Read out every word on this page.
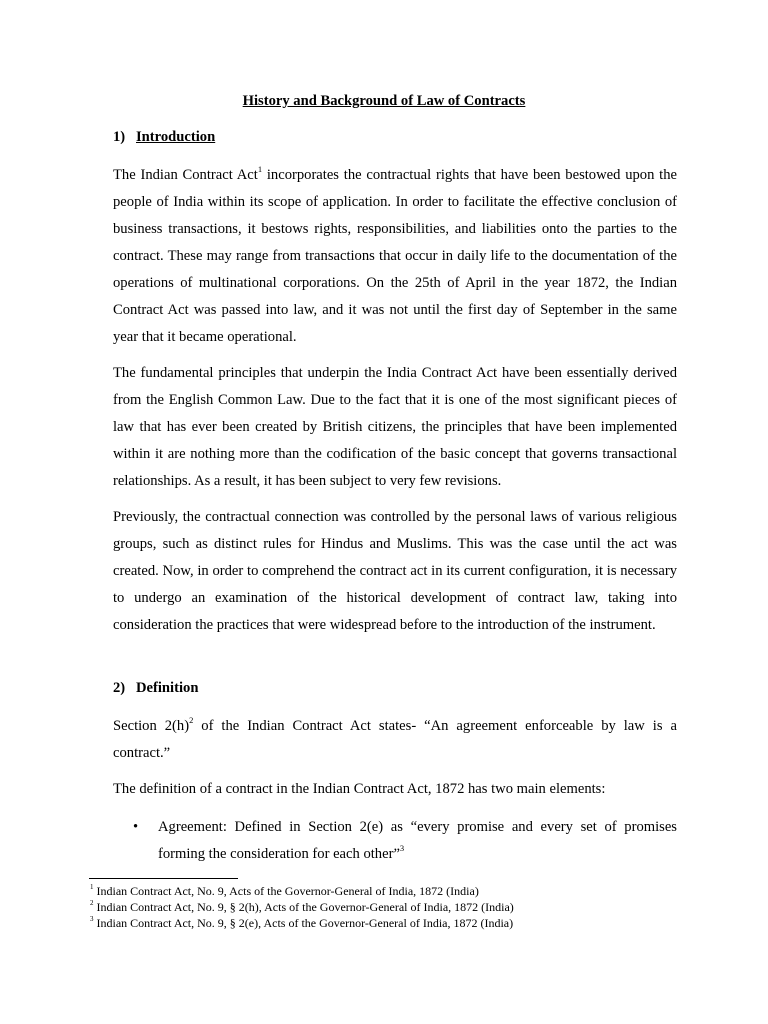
History and Background of Law of Contracts
1) Introduction
The Indian Contract Act$^1$ incorporates the contractual rights that have been bestowed upon the people of India within its scope of application. In order to facilitate the effective conclusion of business transactions, it bestows rights, responsibilities, and liabilities onto the parties to the contract. These may range from transactions that occur in daily life to the documentation of the operations of multinational corporations. On the 25th of April in the year 1872, the Indian Contract Act was passed into law, and it was not until the first day of September in the same year that it became operational.
The fundamental principles that underpin the India Contract Act have been essentially derived from the English Common Law. Due to the fact that it is one of the most significant pieces of law that has ever been created by British citizens, the principles that have been implemented within it are nothing more than the codification of the basic concept that governs transactional relationships. As a result, it has been subject to very few revisions.
Previously, the contractual connection was controlled by the personal laws of various religious groups, such as distinct rules for Hindus and Muslims. This was the case until the act was created. Now, in order to comprehend the contract act in its current configuration, it is necessary to undergo an examination of the historical development of contract law, taking into consideration the practices that were widespread before to the introduction of the instrument.
2) Definition
Section $2(h)^2$ of the Indian Contract Act states- “An agreement enforceable by law is a contract.”
The definition of a contract in the Indian Contract Act, 1872 has two main elements:
• Agreement: Defined in Section 2(e) as “every promise and every set of promises forming the consideration for each other”$^3$
$^1$ Indian Contract Act, No. 9, Acts of the Governor-General of India, 1872 (India)
$^2$ Indian Contract Act, No. 9, § 2(h), Acts of the Governor-General of India, 1872 (India)
$^3$ Indian Contract Act, No. 9, § 2(e), Acts of the Governor-General of India, 1872 (India)
